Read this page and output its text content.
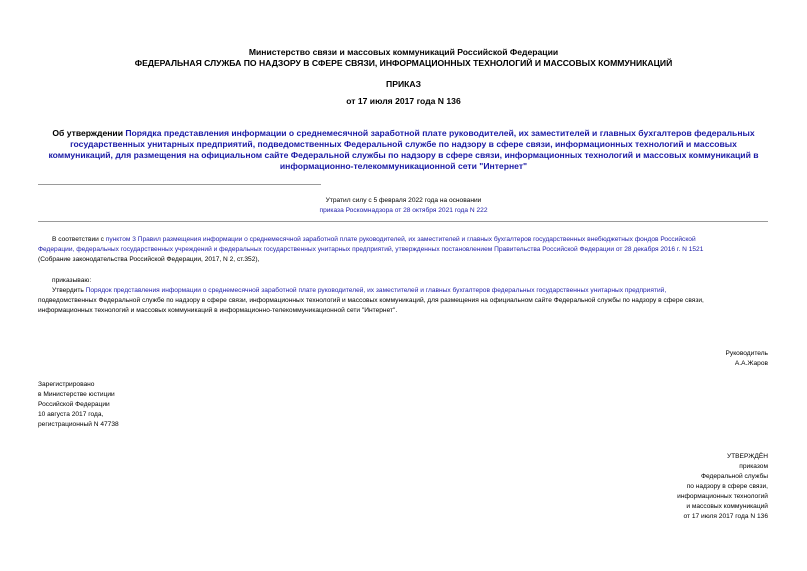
Министерство связи и массовых коммуникаций Российской Федерации
ФЕДЕРАЛЬНАЯ СЛУЖБА ПО НАДЗОРУ В СФЕРЕ СВЯЗИ, ИНФОРМАЦИОННЫХ ТЕХНОЛОГИЙ И МАССОВЫХ КОММУНИКАЦИЙ
ПРИКАЗ
от 17 июля 2017 года N 136
Об утверждении Порядка представления информации о среднемесячной заработной плате руководителей, их заместителей и главных бухгалтеров федеральных
государственных унитарных предприятий, подведомственных Федеральной службе по надзору в сфере связи, информационных технологий и массовых
коммуникаций, для размещения на официальном сайте Федеральной службы по надзору в сфере связи, информационных технологий и массовых коммуникаций в
информационно-телекоммуникационной сети "Интернет"
Утратил силу с 5 февраля 2022 года на основании
приказа Роскомнадзора от 28 октября 2021 года N 222
В соответствии с пунктом 3 Правил размещения информации о среднемесячной заработной плате руководителей, их заместителей и главных бухгалтеров государственных внебюджетных фондов Российской
Федерации, федеральных государственных учреждений и федеральных государственных унитарных предприятий, утвержденных постановлением Правительства Российской Федерации от 28 декабря 2016 г. N 1521
(Собрание законодательства Российской Федерации, 2017, N 2, ст.352),
приказываю:
Утвердить Порядок представления информации о среднемесячной заработной плате руководителей, их заместителей и главных бухгалтеров федеральных государственных унитарных предприятий,
подведомственных Федеральной службе по надзору в сфере связи, информационных технологий и массовых коммуникаций, для размещения на официальном сайте Федеральной службы по надзору в сфере связи,
информационных технологий и массовых коммуникаций в информационно-телекоммуникационной сети "Интернет".
Руководитель
А.А.Жаров
Зарегистрировано
в Министерстве юстиции
Российской Федерации
10 августа 2017 года,
регистрационный N 47738
УТВЕРЖДЁН
приказом
Федеральной службы
по надзору в сфере связи,
информационных технологий
и массовых коммуникаций
от 17 июля 2017 года N 136
